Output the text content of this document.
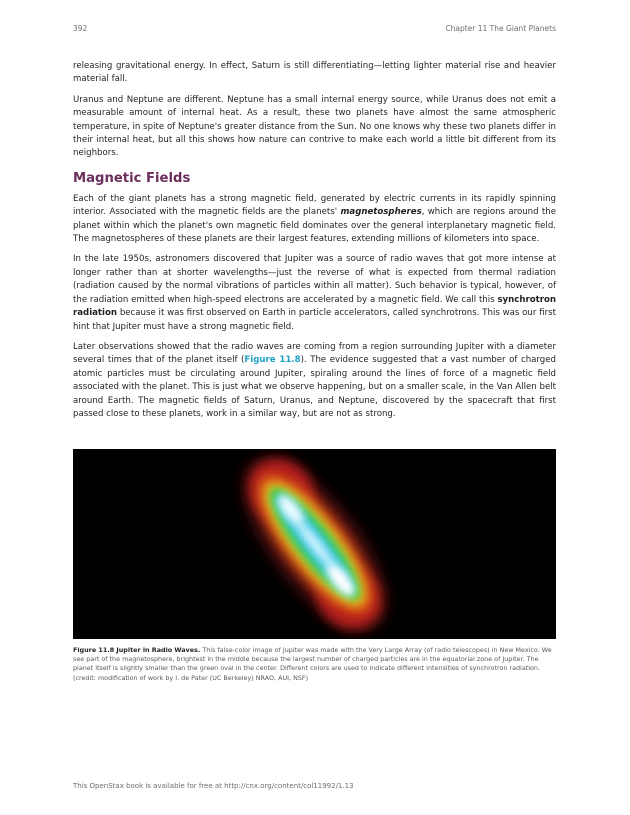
392	Chapter 11 The Giant Planets

releasing gravitational energy. In effect, Saturn is still differentiating—letting lighter material rise and heavier material fall.

Uranus and Neptune are different. Neptune has a small internal energy source, while Uranus does not emit a measurable amount of internal heat. As a result, these two planets have almost the same atmospheric temperature, in spite of Neptune's greater distance from the Sun. No one knows why these two planets differ in their internal heat, but all this shows how nature can contrive to make each world a little bit different from its neighbors.

Magnetic Fields

Each of the giant planets has a strong magnetic field, generated by electric currents in its rapidly spinning interior. Associated with the magnetic fields are the planets' magnetospheres, which are regions around the planet within which the planet's own magnetic field dominates over the general interplanetary magnetic field. The magnetospheres of these planets are their largest features, extending millions of kilometers into space.

In the late 1950s, astronomers discovered that Jupiter was a source of radio waves that got more intense at longer rather than at shorter wavelengths—just the reverse of what is expected from thermal radiation (radiation caused by the normal vibrations of particles within all matter). Such behavior is typical, however, of the radiation emitted when high-speed electrons are accelerated by a magnetic field. We call this synchrotron radiation because it was first observed on Earth in particle accelerators, called synchrotrons. This was our first hint that Jupiter must have a strong magnetic field.

Later observations showed that the radio waves are coming from a region surrounding Jupiter with a diameter several times that of the planet itself (Figure 11.8). The evidence suggested that a vast number of charged atomic particles must be circulating around Jupiter, spiraling around the lines of force of a magnetic field associated with the planet. This is just what we observe happening, but on a smaller scale, in the Van Allen belt around Earth. The magnetic fields of Saturn, Uranus, and Neptune, discovered by the spacecraft that first passed close to these planets, work in a similar way, but are not as strong.

Figure 11.8 Jupiter in Radio Waves. This false-color image of Jupiter was made with the Very Large Array (of radio telescopes) in New Mexico. We see part of the magnetosphere, brightest in the middle because the largest number of charged particles are in the equatorial zone of Jupiter. The planet itself is slightly smaller than the green oval in the center. Different colors are used to indicate different intensities of synchrotron radiation. (credit: modification of work by I. de Pater (UC Berkeley) NRAO, AUI, NSF)
This OpenStax book is available for free at http://cnx.org/content/col11992/1.13
